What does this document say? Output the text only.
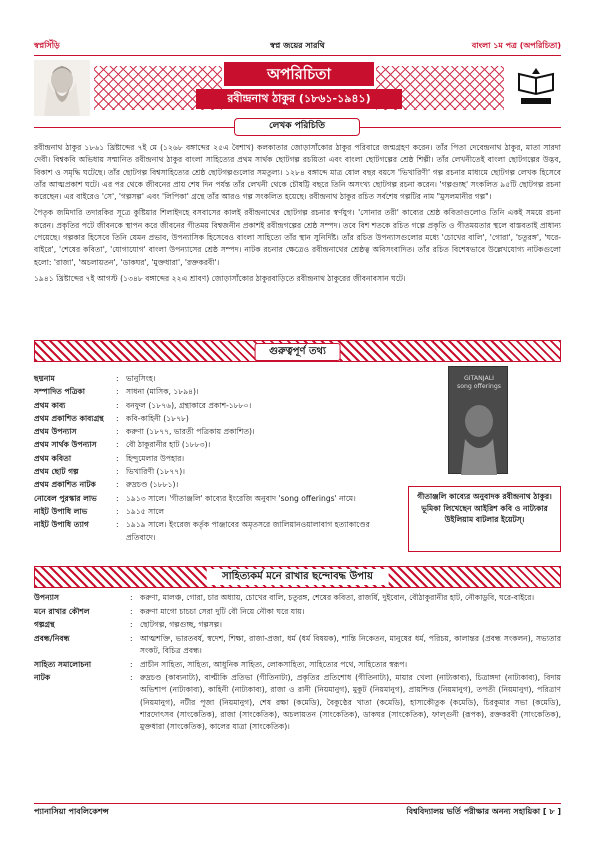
স্বপ্নসিঁড়ি	স্বপ্ন জয়ের সারথি	বাংলা ১ম পত্র (অপরিচিতা)
অপরিচিতা
রবীন্দ্রনাথ ঠাকুর (১৮৬১-১৯৪১)
লেখক পরিচিতি

রবীন্দ্রনাথ ঠাকুর ১৮৬১ খ্রিষ্টাব্দের ৭ই মে (১২৬৮ বঙ্গাব্দের ২৫এ বৈশাখ) কলকাতার জোড়াসাঁকোর ঠাকুর পরিবারে জন্মগ্রহণ করেন। তাঁর পিতা দেবেন্দ্রনাথ ঠাকুর, মাতা সারদা দেবী। বিশ্বকবি অভিধায় সম্মানিত রবীন্দ্রনাথ ঠাকুর বাংলা সাহিত্যের প্রথম সার্থক ছোটগল্প রচয়িতা এবং বাংলা ছোটগল্পের শ্রেষ্ঠ শিল্পী। তাঁর লেখনীতেই বাংলা ছোটগল্পের উদ্ভব, বিকাশ ও সমৃদ্ধি ঘটেছে। তাঁর ছোটগল্প বিশ্বসাহিত্যের শ্রেষ্ঠ ছোটগল্পগুলোর সমতুল্য। ১২৮৪ বঙ্গাব্দে মাত্র ষোল বছর বয়সে 'ভিখারিণী' গল্প রচনার মাধ্যমে ছোটগল্প লেখক হিসেবে তাঁর আত্মপ্রকাশ ঘটে। এর পর থেকে জীবনের প্রায় শেষ দিন পর্যন্ত তাঁর লেখনী থেকে চৌষট্টি বছরে তিনি অসংখ্য ছোটগল্প রচনা করেন। 'গল্পগুচ্ছ' সংকলিত ৯৫টি ছোটগল্প রচনা করেছেন। এর বাইরেও 'সে', 'গল্পসল্প' এবং 'লিপিকা' গ্রন্থে তাঁর আরও গল্প সংকলিত হয়েছে। রবীন্দ্রনাথ ঠাকুর রচিত সর্বশেষ গল্পটির নাম "মুসলমানীর গল্প"।

পৈতৃক জমিদারি তদারকির সূত্রে কুষ্টিয়ার শিলাইদহে বসবাসের কালই রবীন্দ্রনাথের ছোটগল্প রচনার স্বর্ণযুগ। 'সোনার তরী' কাব্যের শ্রেষ্ঠ কবিতাগুলোও তিনি একই সময়ে রচনা করেন। প্রকৃতির পটে জীবনকে স্থাপন করে জীবনের গীতময় বিশ্বজনীন প্রকাশই রবীন্দ্রগল্পের শ্রেষ্ঠ সম্পদ। তবে বিশ শতকে রচিত গল্পে প্রকৃতি ও গীতময়তার স্থলে বাস্তবতাই প্রাধান্য পেয়েছে। গল্পকার হিসেবে তিনি যেমন প্রভাব, উপন্যাসিক হিসেবেও বাংলা সাহিত্যে তাঁর স্থান সুনির্দিষ্ট। তাঁর রচিত উপন্যাসগুলোর মধ্যে 'চোখের বালি', 'গোরা', 'চতুরঙ্গ', 'ঘরে-বাইরে', 'শেষের কবিতা', 'যোগাযোগ' বাংলা উপন্যাসের শ্রেষ্ঠ সম্পদ। নাটক রচনার ক্ষেত্রেও রবীন্দ্রনাথের শ্রেষ্ঠত্ব অবিসংবাদিত। তাঁর রচিত বিশেষভাবে উল্লেখযোগ্য নাটকগুলো হলো: 'রাজা', 'অচলায়তন', 'ডাকঘর', 'মুক্তধারা', 'রক্তকরবী'।

১৯৪১ খ্রিষ্টাব্দের ৭ই আগস্ট (১৩৪৮ বঙ্গাব্দের ২২এ শ্রাবণ) জোড়াসাঁকোর ঠাকুরবাড়িতে রবীন্দ্রনাথ ঠাকুরের জীবনাবসান ঘটে।

গুরুত্বপূর্ণ তথ্য
ছদ্মনাম	: ভানুসিংহ।
সম্পাদিত পত্রিকা	: সাধনা (মাসিক, ১৮৯৪)।
প্রথম কাব্য	: বনফুল (১৮৭৬), গ্রন্থাকারে প্রকাশ-১৮৮০।
প্রথম প্রকাশিত কাব্যগ্রন্থ	: কবি-কাহিনী (১৮৭৮)
প্রথম উপন্যাস	: করুণা (১৮৭৭, ভারতী পত্রিকায় প্রকাশিত)।
প্রথম সার্থক উপন্যাস	: বৌ ঠাকুরানীর হাট (১৮৮৩)।
প্রথম কবিতা	: হিন্দুমেলার উপহার।
প্রথম ছোট গল্প	: ভিখারিণী (১৮৭৭)।
প্রথম প্রকাশিত নাটক	: রুদ্রচণ্ড (১৮৮১)।
নোবেল পুরস্কার লাভ	: ১৯১৩ সালে। 'গীতাঞ্জলি' কাব্যের ইংরেজি অনুবাদ 'song offerings' নামে।
নাইট উপাধি লাভ	: ১৯১৫ সালে
নাইট উপাধি ত্যাগ	: ১৯১৯ সালে। ইংরেজ কর্তৃক পাঞ্জাবের অমৃতসরে জালিয়ানওয়ালাবাগ হত্যাকাণ্ডের প্রতিবাদে।
GITANJALI
song offerings
গীতাঞ্জলি কাব্যের অনুবাদক রবীন্দ্রনাথ ঠাকুর। ভূমিকা লিখেছেন আইরিশ কবি ও নাট্যকার উইলিয়াম বাটলার ইয়েটস্।
সাহিত্যকর্ম মনে রাখার ছন্দোবদ্ধ উপায়
উপন্যাস	: করুণা, মালঞ্চ, গোরা, চার অধ্যায়, চোখের বালি, চতুরঙ্গ, শেষের কবিতা, রাজর্ষি, দুইবোন, বৌঠাকুরানীর হাট, নৌকাডুবি, ঘরে-বাইরে।
মনে রাখার কৌশল	: করুণা মাগো চাচচা সেরা দুটি বৌ নিয়ে নৌকা ঘরে যায়।
গল্পগ্রন্থ	: ছোটগল্প, গল্পগুচ্ছ, গল্পসল্প।
প্রবন্ধ/নিবন্ধ	: আত্মশক্তি, ভারতবর্ষ, স্বদেশ, শিক্ষা, রাজা-প্রজা, ধর্ম (ধর্ম বিষয়ক), শান্তি নিকেতন, মানুষের ধর্ম, পরিচয়, কালান্তর (প্রবন্ধ সংকলন), সভ্যতার সংকট, বিচিত্র প্রবন্ধ।
সাহিত্য সমালোচনা	: প্রাচীন সাহিত্য, সাহিত্য, আধুনিক সাহিত্য, লোকসাহিত্য, সাহিত্যের পথে, সাহিত্যের স্বরূপ।
নাটক	: রুদ্রচণ্ড (কাব্যনাট্য), বাল্মীকি প্রতিভা (গীতিনাট্য), প্রকৃতির প্রতিশোধ (গীতিনাট্য), মায়ার খেলা (নাট্যকাব্য), চিত্রাঙ্গদা (নাট্যকাব্য), বিদায় অভিশাপ (নাট্যকাব্য), কাহিনী (নাট্যকাব্য), রাজা ও রানী (নিয়মানুগ), মুকুট (নিয়মানুগ), প্রায়শ্চিত্ত (নিয়মানুগ), তপতী (নিয়মানুগ), পরিত্রাণ (নিয়মানুগ), নটীর পূজা (নিয়মানুগ), শেষ রক্ষা (কমেডি), বৈকুণ্ঠের খাতা (কমেডি), হাস্যকৌতুক (কমেডি), চিরকুমার সভা (কমেডি), শারদোৎসব (সাংকেতিক), রাজা (সাংকেতিক), অচলায়তন (সাংকেতিক), ডাকঘর (সাংকেতিক), ফাল্গুনী (রূপক), রক্তকরবী (সাংকেতিক), মুক্তধারা (সাংকেতিক), কালের যাত্রা (সাংকেতিক)।
প্যানাসিয়া পাবলিকেশন্স	বিশ্ববিদ্যালয় ভর্তি পরীক্ষার অনন্য সহায়িকা [ ৮ ]
